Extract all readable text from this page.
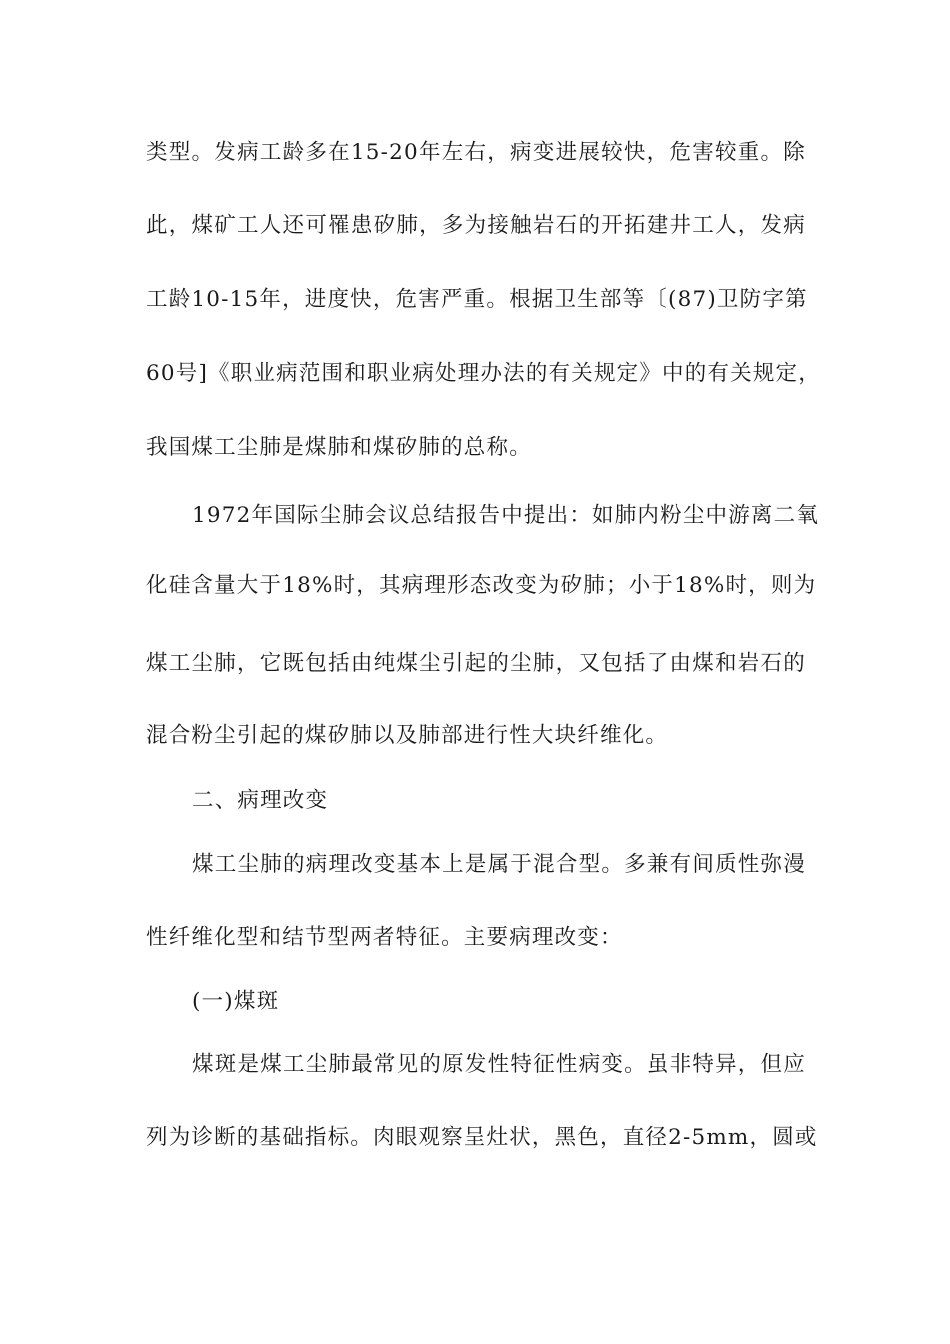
类型。发病工龄多在15-20年左右，病变进展较快，危害较重。除

此，煤矿工人还可罹患矽肺，多为接触岩石的开拓建井工人，发病

工龄10-15年，进度快，危害严重。根据卫生部等〔(87)卫防字第

60号]《职业病范围和职业病处理办法的有关规定》中的有关规定，

我国煤工尘肺是煤肺和煤矽肺的总称。

1972年国际尘肺会议总结报告中提出：如肺内粉尘中游离二氧

化硅含量大于18%时，其病理形态改变为矽肺；小于18%时，则为

煤工尘肺，它既包括由纯煤尘引起的尘肺，又包括了由煤和岩石的

混合粉尘引起的煤矽肺以及肺部进行性大块纤维化。

二、病理改变

煤工尘肺的病理改变基本上是属于混合型。多兼有间质性弥漫

性纤维化型和结节型两者特征。主要病理改变：

(一)煤斑

煤斑是煤工尘肺最常见的原发性特征性病变。虽非特异，但应

列为诊断的基础指标。肉眼观察呈灶状，黑色，直径2-5mm，圆或
